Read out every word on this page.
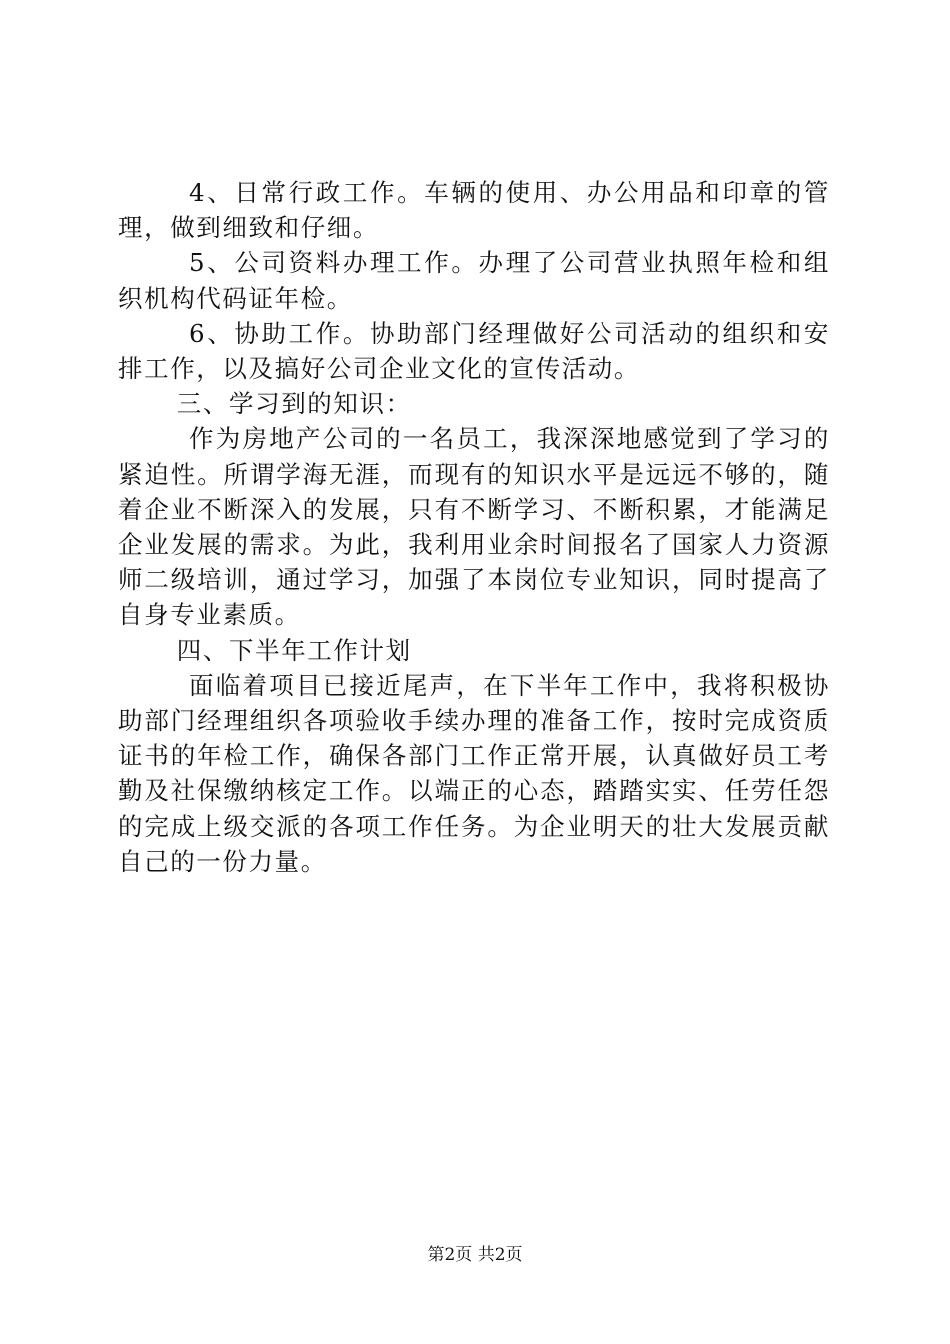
4、日常行政工作。车辆的使用、办公用品和印章的管理，做到细致和仔细。

5、公司资料办理工作。办理了公司营业执照年检和组织机构代码证年检。

6、协助工作。协助部门经理做好公司活动的组织和安排工作，以及搞好公司企业文化的宣传活动。

三、学习到的知识：

作为房地产公司的一名员工，我深深地感觉到了学习的紧迫性。所谓学海无涯，而现有的知识水平是远远不够的，随着企业不断深入的发展，只有不断学习、不断积累，才能满足企业发展的需求。为此，我利用业余时间报名了国家人力资源师二级培训，通过学习，加强了本岗位专业知识，同时提高了自身专业素质。

四、下半年工作计划

面临着项目已接近尾声，在下半年工作中，我将积极协助部门经理组织各项验收手续办理的准备工作，按时完成资质证书的年检工作，确保各部门工作正常开展，认真做好员工考勤及社保缴纳核定工作。以端正的心态，踏踏实实、任劳任怨的完成上级交派的各项工作任务。为企业明天的壮大发展贡献自己的一份力量。

第2页 共2页
